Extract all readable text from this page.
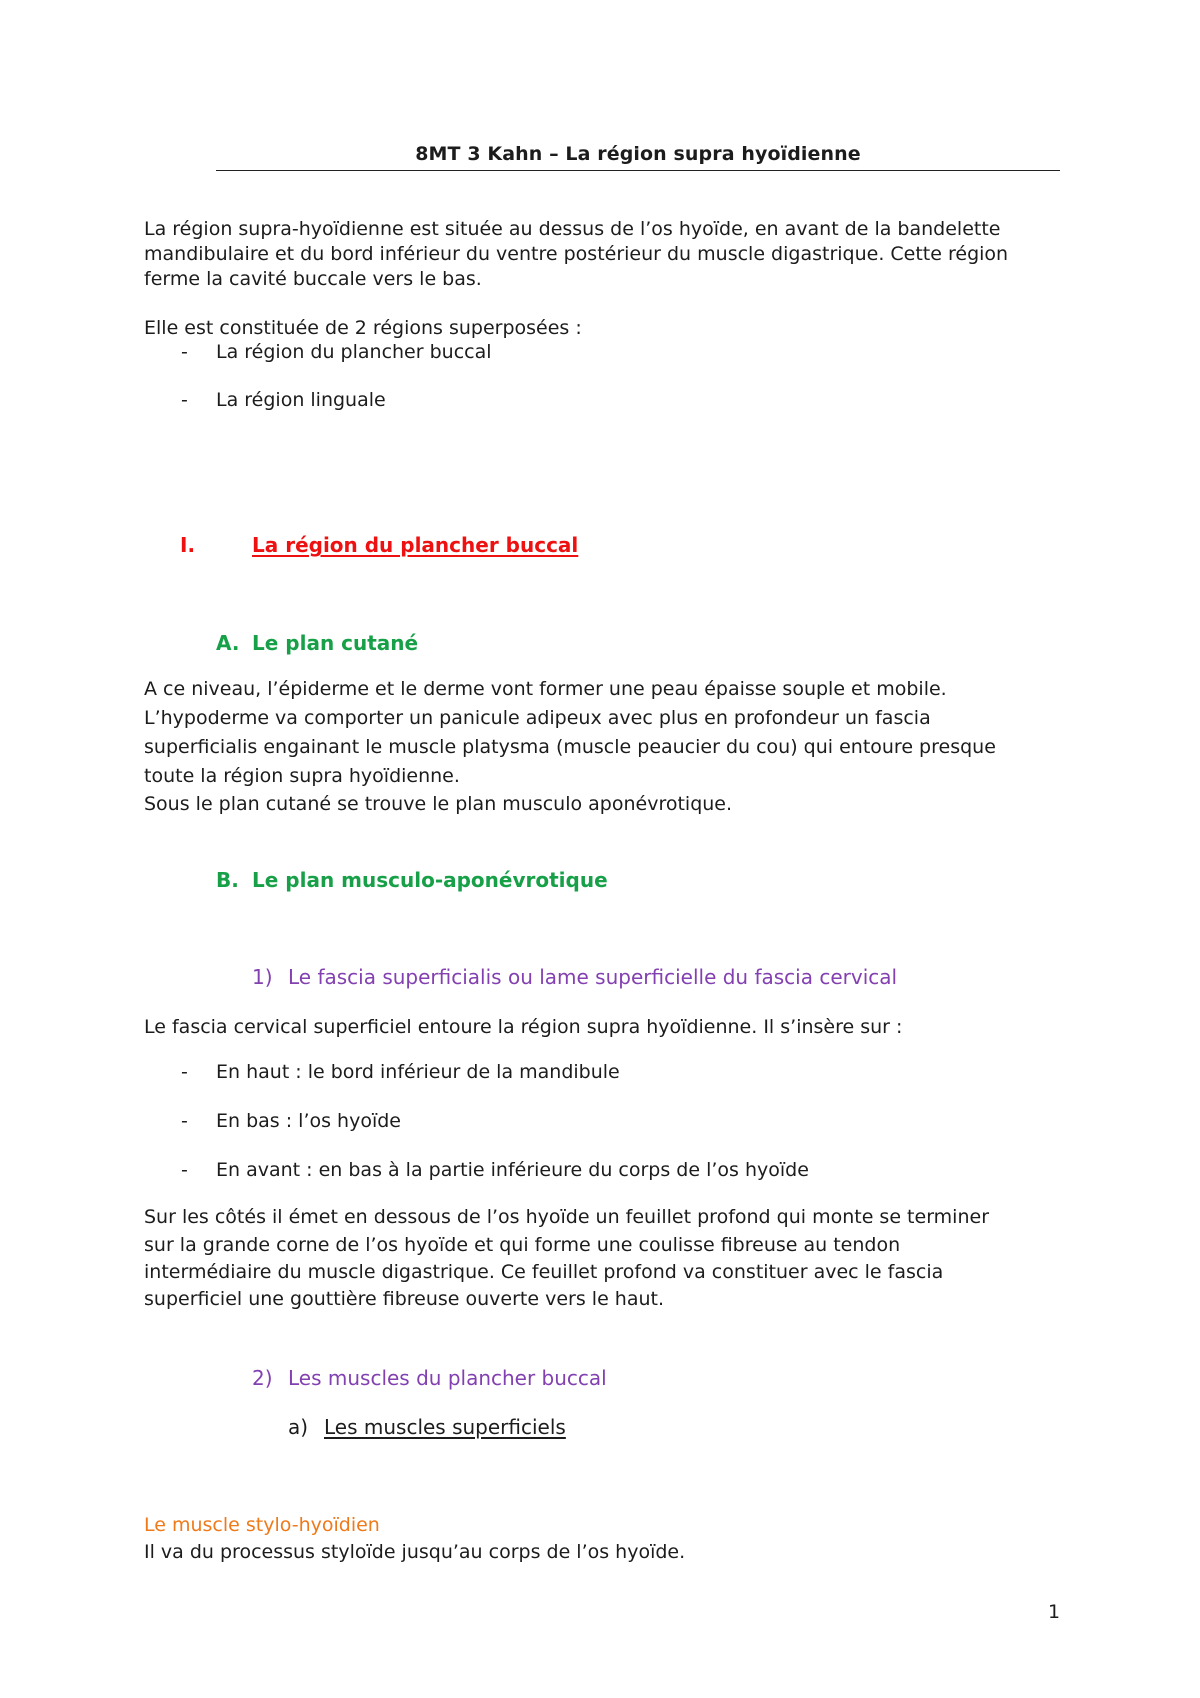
8MT 3 Kahn – La région supra hyoïdienne
La région supra-hyoïdienne est située au dessus de l’os hyoïde, en avant de la bandelette
mandibulaire et du bord inférieur du ventre postérieur du muscle digastrique. Cette région
ferme la cavité buccale vers le bas.
Elle est constituée de 2 régions superposées :
- La région du plancher buccal
- La région linguale
I.	La région du plancher buccal
A. Le plan cutané
A ce niveau, l’épiderme et le derme vont former une peau épaisse souple et mobile.
L’hypoderme va comporter un panicule adipeux avec plus en profondeur un fascia
superficialis engainant le muscle platysma (muscle peaucier du cou) qui entoure presque
toute la région supra hyoïdienne.
Sous le plan cutané se trouve le plan musculo aponévrotique.
B. Le plan musculo-aponévrotique
1) Le fascia superficialis ou lame superficielle du fascia cervical
Le fascia cervical superficiel entoure la région supra hyoïdienne. Il s’insère sur :
- En haut : le bord inférieur de la mandibule
- En bas : l’os hyoïde
- En avant : en bas à la partie inférieure du corps de l’os hyoïde
Sur les côtés il émet en dessous de l’os hyoïde un feuillet profond qui monte se terminer
sur la grande corne de l’os hyoïde et qui forme une coulisse fibreuse au tendon
intermédiaire du muscle digastrique. Ce feuillet profond va constituer avec le fascia
superficiel une gouttière fibreuse ouverte vers le haut.
2) Les muscles du plancher buccal
a) Les muscles superficiels
Le muscle stylo-hyoïdien
Il va du processus styloïde jusqu’au corps de l’os hyoïde.
1
